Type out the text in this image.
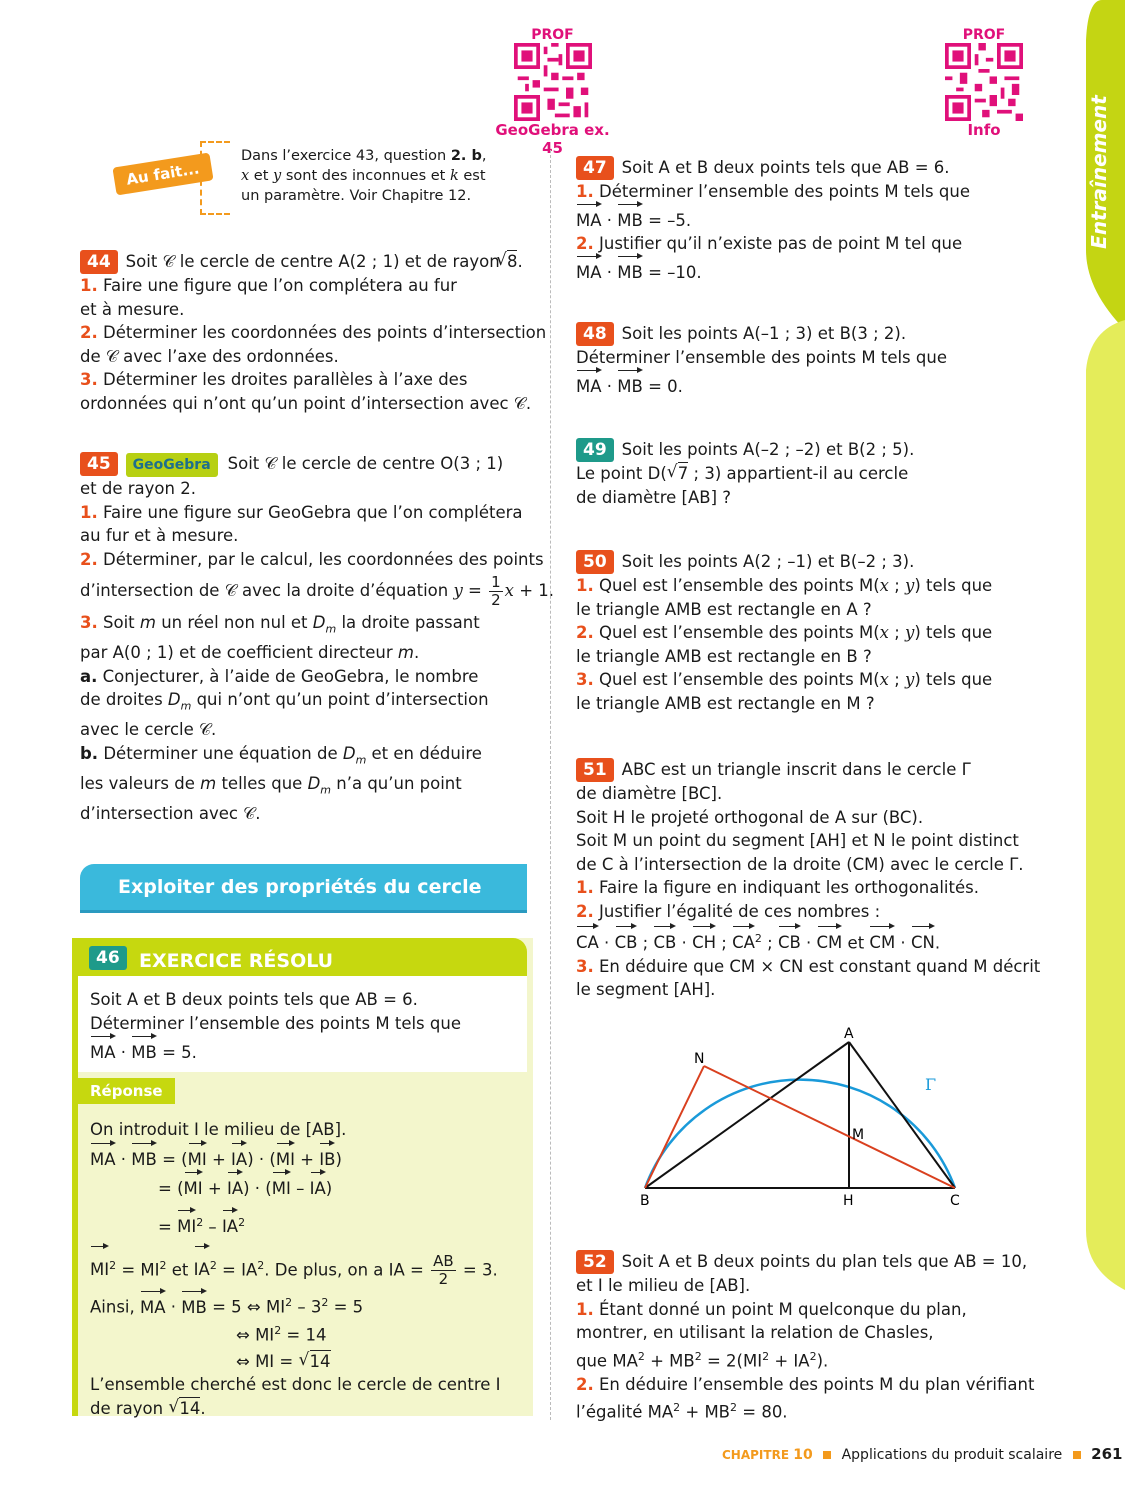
Entraînement
PROF
GeoGebra ex. 45
PROF
Info
Au fait...
Dans l’exercice 43, question 2. b,
x et y sont des inconnues et k est
un paramètre. Voir Chapitre 12.
44 Soit 𝒞 le cercle de centre A(2 ; 1) et de rayon 8 √.
1. Faire une figure que l’on complétera au fur
et à mesure.
2. Déterminer les coordonnées des points d’intersection
de 𝒞 avec l’axe des ordonnées.
3. Déterminer les droites parallèles à l’axe des
ordonnées qui n’ont qu’un point d’intersection avec 𝒞.
45 GeoGebra Soit 𝒞 le cercle de centre O(3 ; 1)
et de rayon 2.
1. Faire une figure sur GeoGebra que l’on complétera
au fur et à mesure.
2. Déterminer, par le calcul, les coordonnées des points
d’intersection de 𝒞 avec la droite d’équation $y = \frac{1}{2}$ x + 1.
3. Soit m un réel non nul et $D_m$ la droite passant
par A(0 ; 1) et de coefficient directeur m.
a. Conjecturer, à l’aide de GeoGebra, le nombre
de droites $D_m$ qui n’ont qu’un point d’intersection
avec le cercle 𝒞.
b. Déterminer une équation de $D_m$ et en déduire
les valeurs de m telles que $D_m$ n’a qu’un point
d’intersection avec 𝒞.
Exploiter des propriétés du cercle
46	EXERCICE RÉSOLU
Soit A et B deux points tels que AB = 6.
Déterminer l’ensemble des points M tels que
MA · MB = 5.
Réponse
On introduit I le milieu de [AB].
MA · MB = (MI + IA) · (MI + IB)
= (MI + IA) · (MI – IA)
= $MI^2 - IA^2$
$MI^2 = MI^2$ et $IA^2 = IA^2$. De plus, on a IA = $\frac{AB}{2} = 3$.
Ainsi, MA · MB = 5 ⇔ $MI^2 - 3^2 = 5$
⇔ $MI^2 = 14$
⇔ MI = 14 √
L’ensemble cherché est donc le cercle de centre I
de rayon 14 √.
47 Soit A et B deux points tels que AB = 6.
1. Déterminer l’ensemble des points M tels que
MA · MB = –5.
2. Justifier qu’il n’existe pas de point M tel que
MA · MB = –10.
48 Soit les points A(–1 ; 3) et B(3 ; 2).
Déterminer l’ensemble des points M tels que
MA · MB = 0.
49 Soit les points A(–2 ; –2) et B(2 ; 5).
Le point D( 7 √ ; 3) appartient-il au cercle
de diamètre [AB] ?
50 Soit les points A(2 ; –1) et B(–2 ; 3).
1. Quel est l’ensemble des points M(x ; y) tels que
le triangle AMB est rectangle en A ?
2. Quel est l’ensemble des points M(x ; y) tels que
le triangle AMB est rectangle en B ?
3. Quel est l’ensemble des points M(x ; y) tels que
le triangle AMB est rectangle en M ?
51 ABC est un triangle inscrit dans le cercle Γ
de diamètre [BC].
Soit H le projeté orthogonal de A sur (BC).
Soit M un point du segment [AH] et N le point distinct
de C à l’intersection de la droite (CM) avec le cercle Γ.
1. Faire la figure en indiquant les orthogonalités.
2. Justifier l’égalité de ces nombres :
CA · CB ; CB · CH ; $CA^2$ ; CB · CM et CM · CN.
3. En déduire que CM × CN est constant quand M décrit
le segment [AH].
A
N
M
B	H	C
Γ
52 Soit A et B deux points du plan tels que AB = 10,
et I le milieu de [AB].
1. Étant donné un point M quelconque du plan,
montrer, en utilisant la relation de Chasles,
que $MA^2 + MB^2 = 2(MI^2 + IA^2)$.
2. En déduire l’ensemble des points M du plan vérifiant
l’égalité $MA^2 + MB^2 = 80$.
CHAPITRE 10 Applications du produit scalaire 261
